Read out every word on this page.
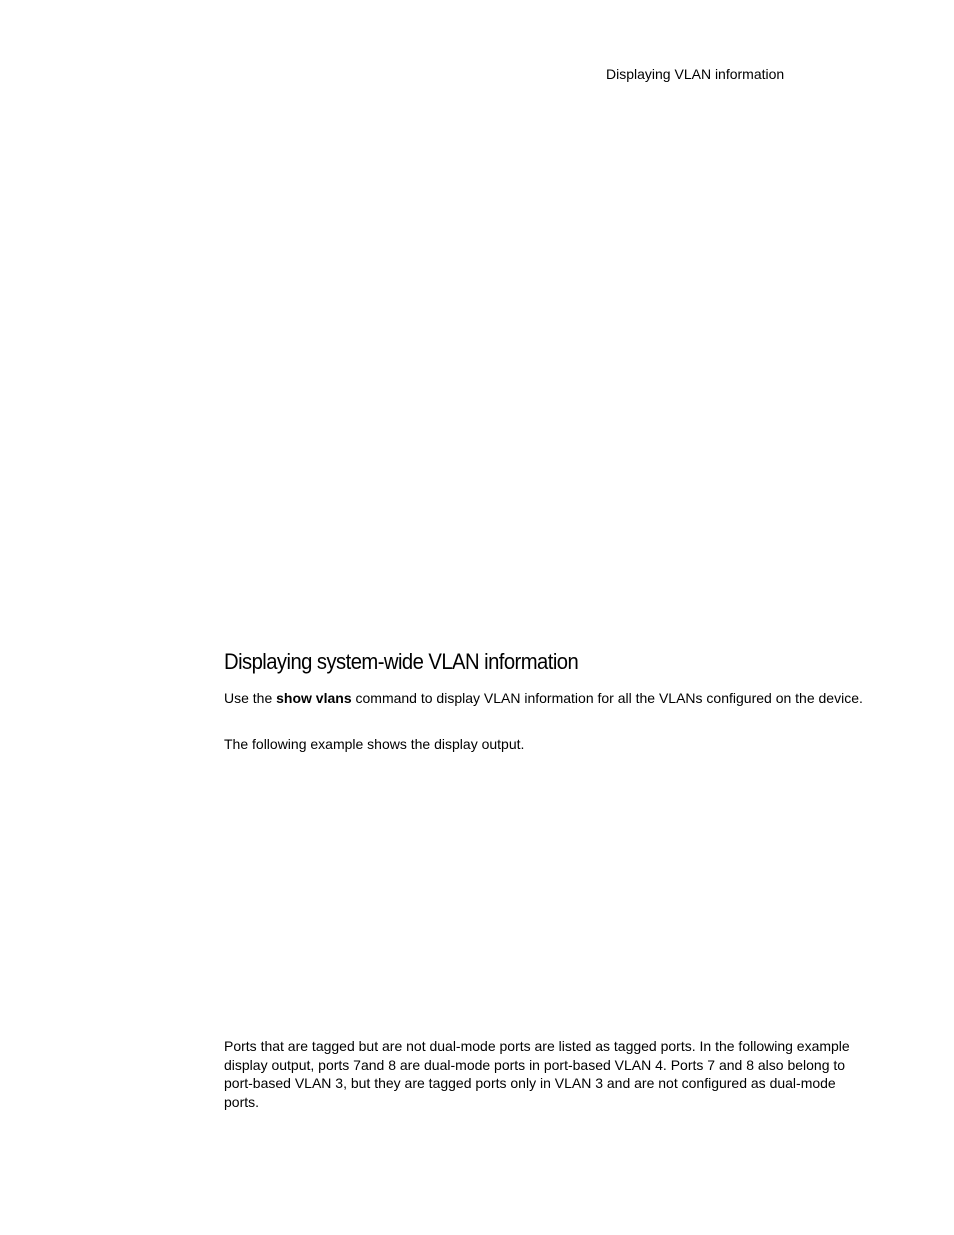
Displaying VLAN information
Displaying system-wide VLAN information

Use the show vlans command to display VLAN information for all the VLANs configured on the device.

The following example shows the display output.

Ports that are tagged but are not dual-mode ports are listed as tagged ports. In the following example display output, ports 7and 8 are dual-mode ports in port-based VLAN 4. Ports 7 and 8 also belong to port-based VLAN 3, but they are tagged ports only in VLAN 3 and are not configured as dual-mode ports.
